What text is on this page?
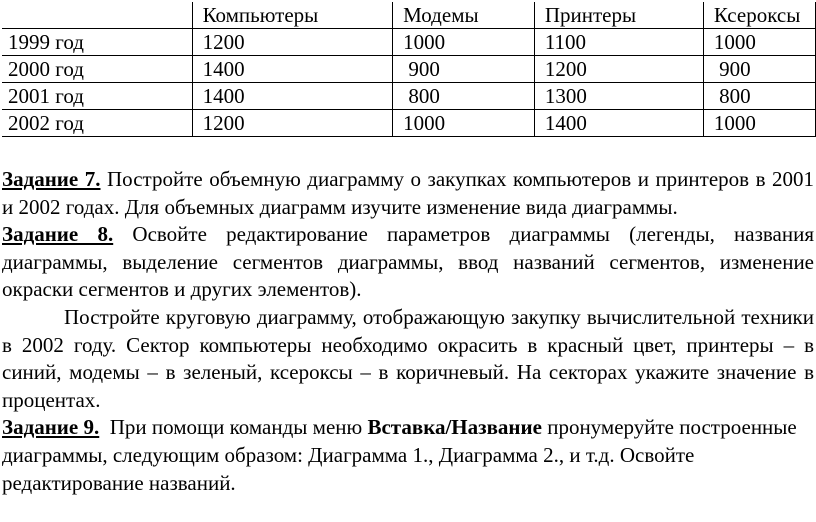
	Компьютеры	Модемы	Принтеры	Ксероксы
1999 год	1200	1000	1100	1000
2000 год	1400	900	1200	900
2001 год	1400	800	1300	800
2002 год	1200	1000	1400	1000

Задание 7. Постройте объемную диаграмму о закупках компьютеров и принтеров в 2001 и 2002 годах. Для объемных диаграмм изучите изменение вида диаграммы.

Задание 8. Освойте редактирование параметров диаграммы (легенды, названия диаграммы, выделение сегментов диаграммы, ввод названий сегментов, изменение окраски сегментов и других элементов).

Постройте круговую диаграмму, отображающую закупку вычислительной техники в 2002 году. Сектор компьютеры необходимо окрасить в красный цвет, принтеры – в синий, модемы – в зеленый, ксероксы – в коричневый. На секторах укажите значение в процентах.

Задание 9.  При помощи команды меню Вставка/Название пронумеруйте построенные диаграммы, следующим образом: Диаграмма 1., Диаграмма 2., и т.д. Освойте редактирование названий.
